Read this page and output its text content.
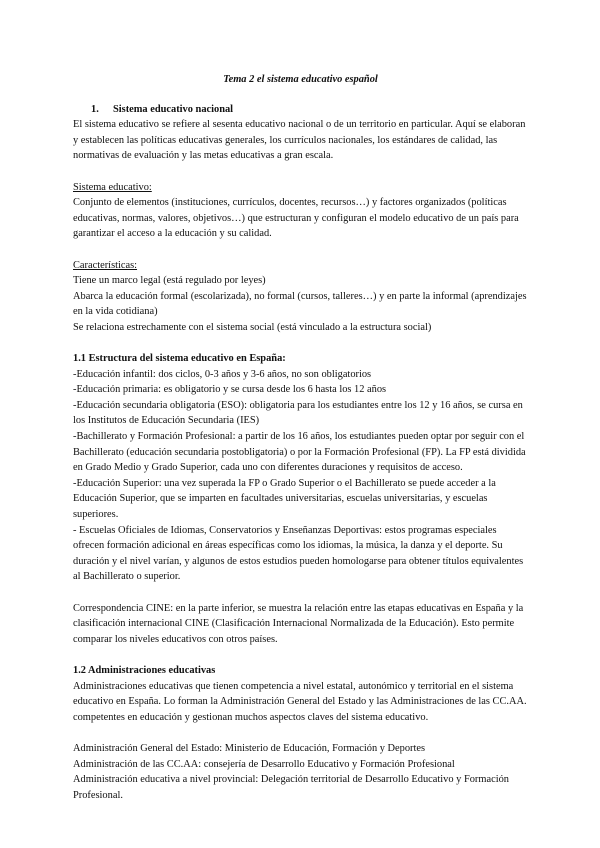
Tema 2 el sistema educativo español

1. Sistema educativo nacional

El sistema educativo se refiere al sesenta educativo nacional o de un territorio en particular. Aquí se elaboran y establecen las políticas educativas generales, los currículos nacionales, los estándares de calidad, las normativas de evaluación y las metas educativas a gran escala.

Sistema educativo:

Conjunto de elementos (instituciones, currículos, docentes, recursos…) y factores organizados (políticas educativas, normas, valores, objetivos…) que estructuran y configuran el modelo educativo de un país para garantizar el acceso a la educación y su calidad.

Características:

Tiene un marco legal (está regulado por leyes)

Abarca la educación formal (escolarizada), no formal (cursos, talleres…) y en parte la informal (aprendizajes en la vida cotidiana)

Se relaciona estrechamente con el sistema social (está vinculado a la estructura social)

1.1 Estructura del sistema educativo en España:

-Educación infantil: dos ciclos, 0-3 años y 3-6 años, no son obligatorios

-Educación primaria: es obligatorio y se cursa desde los 6 hasta los 12 años

-Educación secundaria obligatoria (ESO): obligatoria para los estudiantes entre los 12 y 16 años, se cursa en los Institutos de Educación Secundaria (IES)

-Bachillerato y Formación Profesional: a partir de los 16 años, los estudiantes pueden optar por seguir con el Bachillerato (educación secundaria postobligatoria) o por la Formación Profesional (FP). La FP está dividida en Grado Medio y Grado Superior, cada uno con diferentes duraciones y requisitos de acceso.

-Educación Superior: una vez superada la FP o Grado Superior o el Bachillerato se puede acceder a la Educación Superior, que se imparten en facultades universitarias, escuelas universitarias, y escuelas superiores.

- Escuelas Oficiales de Idiomas, Conservatorios y Enseñanzas Deportivas: estos programas especiales ofrecen formación adicional en áreas específicas como los idiomas, la música, la danza y el deporte. Su duración y el nivel varían, y algunos de estos estudios pueden homologarse para obtener títulos equivalentes al Bachillerato o superior.

Correspondencia CINE: en la parte inferior, se muestra la relación entre las etapas educativas en España y la clasificación internacional CINE (Clasificación Internacional Normalizada de la Educación). Esto permite comparar los niveles educativos con otros países.

1.2 Administraciones educativas

Administraciones educativas que tienen competencia a nivel estatal, autonómico y territorial en el sistema educativo en España. Lo forman la Administración General del Estado y las Administraciones de las CC.AA. competentes en educación y gestionan muchos aspectos claves del sistema educativo.

Administración General del Estado: Ministerio de Educación, Formación y Deportes

Administración de las CC.AA: consejería de Desarrollo Educativo y Formación Profesional

Administración educativa a nivel provincial: Delegación territorial de Desarrollo Educativo y Formación Profesional.
